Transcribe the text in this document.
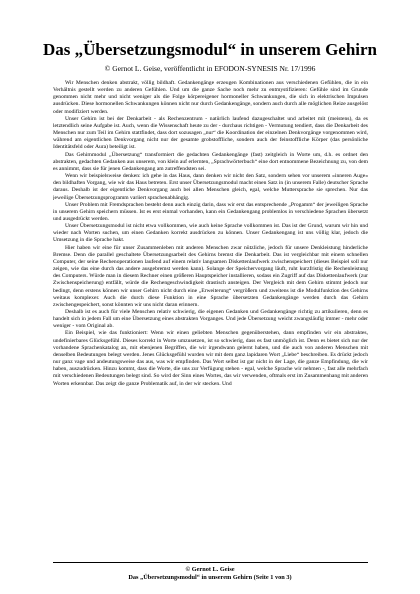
Das „Übersetzungsmodul“ in unserem Gehirn
© Gernot L. Geise, veröffentlicht in EFODON-SYNESIS Nr. 17/1996

Wir Menschen denken abstrakt, völlig bildhaft. Gedankengänge erzeugen Kombinationen aus verschiedenen Gefühlen, die in ein Verhältnis gestellt werden zu anderen Gefühlen. Und um die ganze Sache noch mehr zu entmystifizieren: Gefühle sind im Grunde genommen nicht mehr und nicht weniger als die Folge körpereigener hormoneller Schwankungen, die sich in elektrischen Impulsen ausdrücken. Diese hormonellen Schwankungen können nicht nur durch Gedankengänge, sondern auch durch alle möglichen Reize ausgelöst oder modifiziert werden.

Unser Gehirn ist bei der Denkarbeit - als Rechenzentrum - natürlich laufend dazugeschaltet und arbeitet mit (meistens), da es letztendlich seine Aufgabe ist. Auch, wenn die Wissenschaft heute zu der - durchaus richtigen - Vermutung tendiert, dass die Denkarbeit des Menschen nur zum Teil im Gehirn stattfindet, dass dort sozusagen „nur“ die Koordination der einzelnen Denkvorgänge vorgenommen wird, während am eigentlichen Denkvorgang nicht nur der gesamte grobstoffliche, sondern auch der feinstoffliche Körper (das persönliche Identitätsfeld oder Aura) beteiligt ist.

Das Gehirnmodul „Übersetzung“ transformiert die gedachten Gedankengänge (fast) zeitgleich in Worte um, d.h. es ordnet den abstrakten, gedachten Gedanken aus unserem, von klein auf erlernten, „Sprachwörterbuch“ eine dort entnommene Bezeichnung zu, von dem es annimmt, dass sie für jenen Gedankengang am zutreffendsten sei.

Wenn wir beispielsweise denken: ich gehe in das Haus, dann denken wir nicht den Satz, sondern sehen vor unserem »inneren Auge« den bildhaften Vorgang, wie wir das Haus betreten. Erst unser Übersetzungsmodul macht einen Satz in (in unserem Falle) deutscher Sprache daraus. Deshalb ist der eigentliche Denkvorgang auch bei allen Menschen gleich, egal, welche Muttersprache sie sprechen. Nur das jeweilige Übersetzungsprogramm variiert sprachenabhängig.

Unser Problem mit Fremdsprachen besteht denn auch einzig darin, dass wir erst das entsprechende „Progamm“ der jeweiligen Sprache in unserem Gehirn speichern müssen. Ist es erst einmal vorhanden, kann ein Gedankengang problemlos in verschiedene Sprachen übersetzt und ausgedrückt werden.

Unser Übersetzungsmodul ist nicht etwa vollkommen, wie auch keine Sprache vollkommen ist. Das ist der Grund, warum wir hin und wieder nach Worten suchen, um einen Gedanken korrekt ausdrücken zu können. Unser Gedankengang ist uns völlig klar, jedoch die Umsetzung in die Sprache hakt.

Hier haben wir eine für unser Zusammenleben mit anderen Menschen zwar nützliche, jedoch für unsere Denkleistung hinderliche Bremse. Denn die parallel geschaltete Übersetzungsarbeit des Gehirns bremst die Denkarbeit. Das ist vergleichbar mit einem schnellen Computer, der seine Rechenoperationen laufend auf einem relativ langsamen Diskettenlaufwerk zwischenspeichert (dieses Beispiel soll nur zeigen, wie das eine durch das andere ausgebremst werden kann). Solange der Speichervorgang läuft, ruht kurzfristig die Rechenleistung des Computers. Würde man in diesem Rechner einen größeren Hauptspeicher installieren, sodass ein Zugriff auf das Diskettenlaufwerk (zur Zwischenspeicherung) entfällt, würde die Rechengeschwindigkeit drastisch ansteigen. Der Vergleich mit dem Gehirn stimmt jedoch nur bedingt, denn erstens können wir unser Gehirn nicht durch eine „Erweiterung“ vergrößern und zweitens ist die Modulfunktion des Gehirns weitaus komplexer. Auch die durch diese Funktion in eine Sprache übersetzten Gedankengänge werden durch das Gehirn zwischengespeichert, sonst könnten wir uns nicht daran erinnern.

Deshalb ist es auch für viele Menschen relativ schwierig, die eigenen Gedanken und Gedankengänge richtig zu artikulieren, denn es handelt sich in jedem Fall um eine Übersetzung eines abstrakten Vorganges. Und jede Übersetzung weicht zwangsläufig immer - mehr oder weniger - vom Original ab.

Ein Beispiel, wie das funktioniert: Wenn wir einen geliebten Menschen gegenüberstehen, dann empfinden wir ein abstraktes, undefinierbares Glücksgefühl. Dieses korrekt in Worte umzusetzen, ist so schwierig, dass es fast unmöglich ist. Denn es bietet sich nur der vorhandene Sprachenkatalog an, mit ebenjenen Begriffen, die wir irgendwann gelernt haben, und die auch von anderen Menschen mit denselben Bedeutungen belegt werden. Jenes Glücksgefühl wurden wir mit dem ganz lapidaren Wort „Liebe“ beschreiben. Es drückt jedoch nur ganz vage und andeutungsweise das aus, was wir empfinden. Das Wort selbst ist gar nicht in der Lage, die ganze Empfindung, die wir haben, auszudrücken. Hinzu kommt, dass die Worte, die uns zur Verfügung stehen - egal, welche Sprache wir nehmen -, fast alle mehrfach mit verschiedenen Bedeutungen belegt sind. So wird der Sinn eines Wortes, das wir verwenden, oftmals erst im Zusammenhang mit anderen Worten erkennbar. Das zeigt die ganze Problematik auf, in der wir stecken. Und

© Gernot L. Geise
Das „Übersetzungsmodul“ in unserem Gehirn (Seite 1 von 3)
